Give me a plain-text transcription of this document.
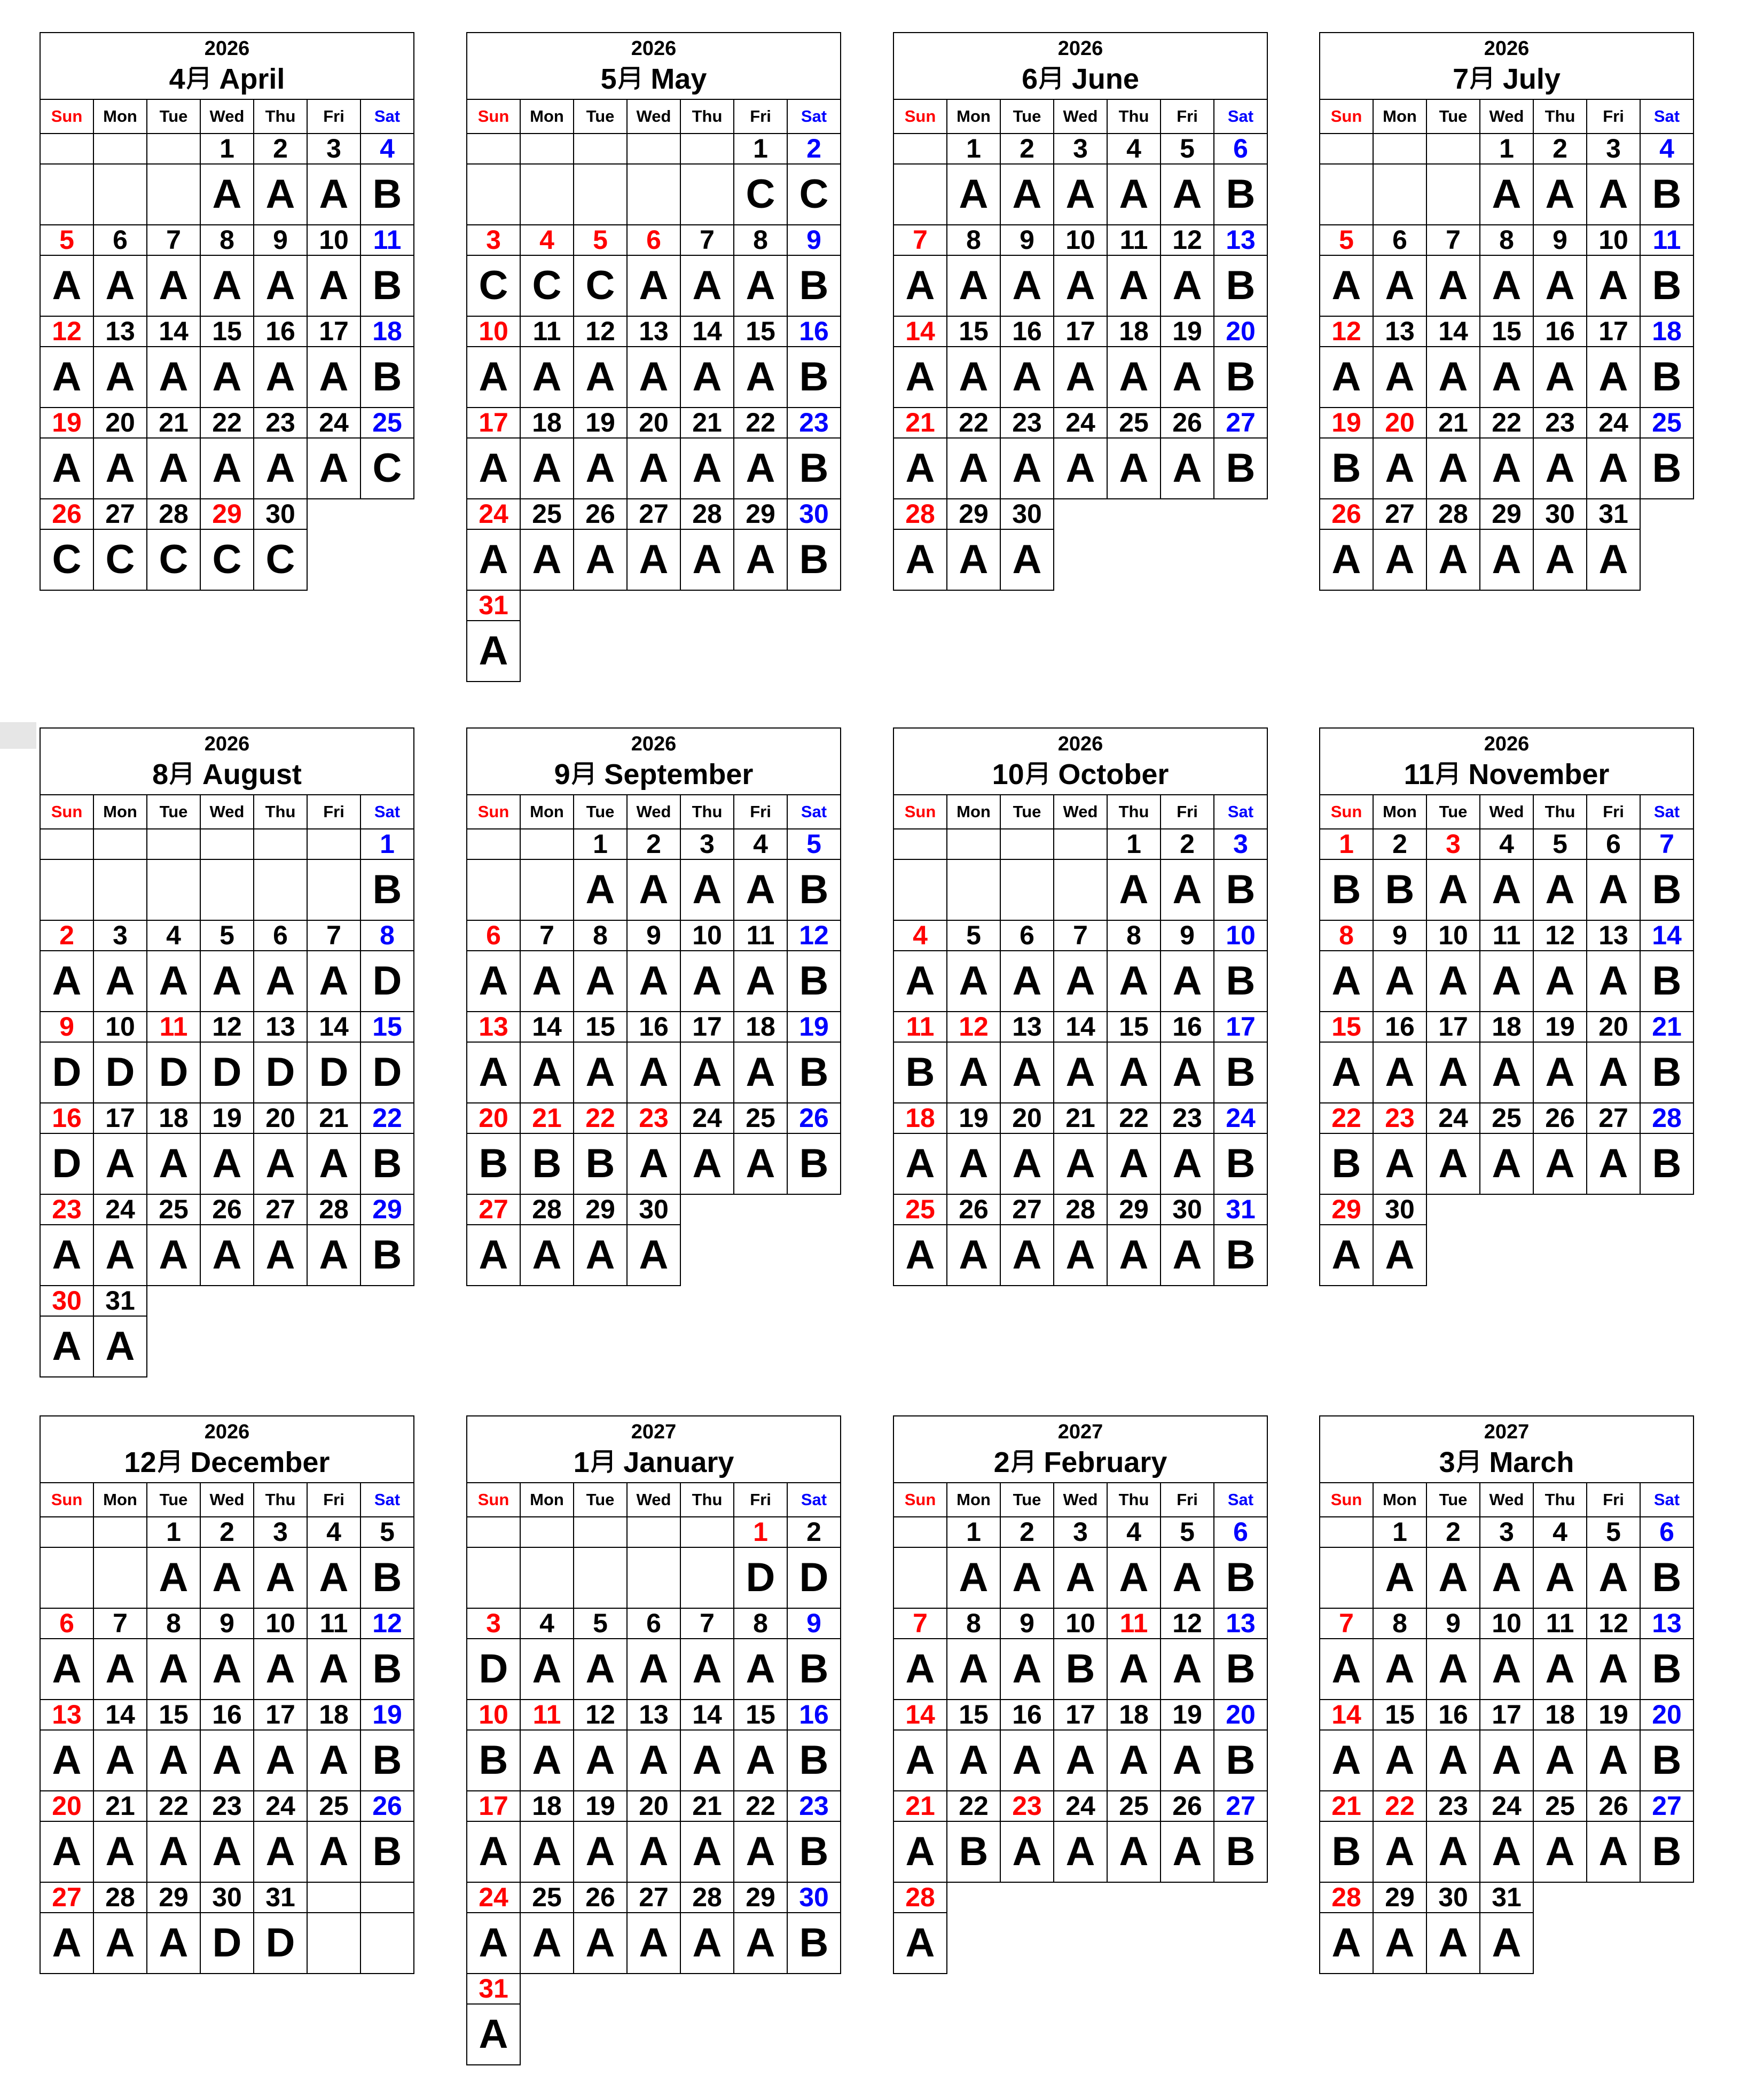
2026
4 April						

Sun	Mon	Tue	Wed	Thu	Fri	Sat
			1	2	3	4
			A	A	A	B
5	6	7	8	9	10	11
A	A	A	A	A	A	B
12	13	14	15	16	17	18
A	A	A	A	A	A	B
19	20	21	22	23	24	25
A	A	A	A	A	A	C
26	27	28	29	30		
C	C	C	C	C		
2026
5 May						

Sun	Mon	Tue	Wed	Thu	Fri	Sat
					1	2
					C	C
3	4	5	6	7	8	9
C	C	C	A	A	A	B
10	11	12	13	14	15	16
A	A	A	A	A	A	B
17	18	19	20	21	22	23
A	A	A	A	A	A	B
24	25	26	27	28	29	30
A	A	A	A	A	A	B
31						
A						
2026
6 June						

Sun	Mon	Tue	Wed	Thu	Fri	Sat
	1	2	3	4	5	6
	A	A	A	A	A	B
7	8	9	10	11	12	13
A	A	A	A	A	A	B
14	15	16	17	18	19	20
A	A	A	A	A	A	B
21	22	23	24	25	26	27
A	A	A	A	A	A	B
28	29	30				
A	A	A				
2026
7 July						

Sun	Mon	Tue	Wed	Thu	Fri	Sat
			1	2	3	4
			A	A	A	B
5	6	7	8	9	10	11
A	A	A	A	A	A	B
12	13	14	15	16	17	18
A	A	A	A	A	A	B
19	20	21	22	23	24	25
B	A	A	A	A	A	B
26	27	28	29	30	31	
A	A	A	A	A	A	
2026
8 August						

Sun	Mon	Tue	Wed	Thu	Fri	Sat
						1
						B
2	3	4	5	6	7	8
A	A	A	A	A	A	D
9	10	11	12	13	14	15
D	D	D	D	D	D	D
16	17	18	19	20	21	22
D	A	A	A	A	A	B
23	24	25	26	27	28	29
A	A	A	A	A	A	B
30	31					
A	A					
2026
9 September						

Sun	Mon	Tue	Wed	Thu	Fri	Sat
		1	2	3	4	5
		A	A	A	A	B
6	7	8	9	10	11	12
A	A	A	A	A	A	B
13	14	15	16	17	18	19
A	A	A	A	A	A	B
20	21	22	23	24	25	26
B	B	B	A	A	A	B
27	28	29	30			
A	A	A	A			
2026
10 October						

Sun	Mon	Tue	Wed	Thu	Fri	Sat
				1	2	3
				A	A	B
4	5	6	7	8	9	10
A	A	A	A	A	A	B
11	12	13	14	15	16	17
B	A	A	A	A	A	B
18	19	20	21	22	23	24
A	A	A	A	A	A	B
25	26	27	28	29	30	31
A	A	A	A	A	A	B
2026
11 November						

Sun	Mon	Tue	Wed	Thu	Fri	Sat
1	2	3	4	5	6	7
B	B	A	A	A	A	B
8	9	10	11	12	13	14
A	A	A	A	A	A	B
15	16	17	18	19	20	21
A	A	A	A	A	A	B
22	23	24	25	26	27	28
B	A	A	A	A	A	B
29	30					
A	A					
2026
12 December						

Sun	Mon	Tue	Wed	Thu	Fri	Sat
		1	2	3	4	5
		A	A	A	A	B
6	7	8	9	10	11	12
A	A	A	A	A	A	B
13	14	15	16	17	18	19
A	A	A	A	A	A	B
20	21	22	23	24	25	26
A	A	A	A	A	A	B
27	28	29	30	31		
A	A	A	D	D		
2027
1 January						

Sun	Mon	Tue	Wed	Thu	Fri	Sat
					1	2
					D	D
3	4	5	6	7	8	9
D	A	A	A	A	A	B
10	11	12	13	14	15	16
B	A	A	A	A	A	B
17	18	19	20	21	22	23
A	A	A	A	A	A	B
24	25	26	27	28	29	30
A	A	A	A	A	A	B
31						
A						
2027
2 February						

Sun	Mon	Tue	Wed	Thu	Fri	Sat
	1	2	3	4	5	6
	A	A	A	A	A	B
7	8	9	10	11	12	13
A	A	A	B	A	A	B
14	15	16	17	18	19	20
A	A	A	A	A	A	B
21	22	23	24	25	26	27
A	B	A	A	A	A	B
28						
A						
2027
3 March						

Sun	Mon	Tue	Wed	Thu	Fri	Sat
	1	2	3	4	5	6
	A	A	A	A	A	B
7	8	9	10	11	12	13
A	A	A	A	A	A	B
14	15	16	17	18	19	20
A	A	A	A	A	A	B
21	22	23	24	25	26	27
B	A	A	A	A	A	B
28	29	30	31			
A	A	A	A			
